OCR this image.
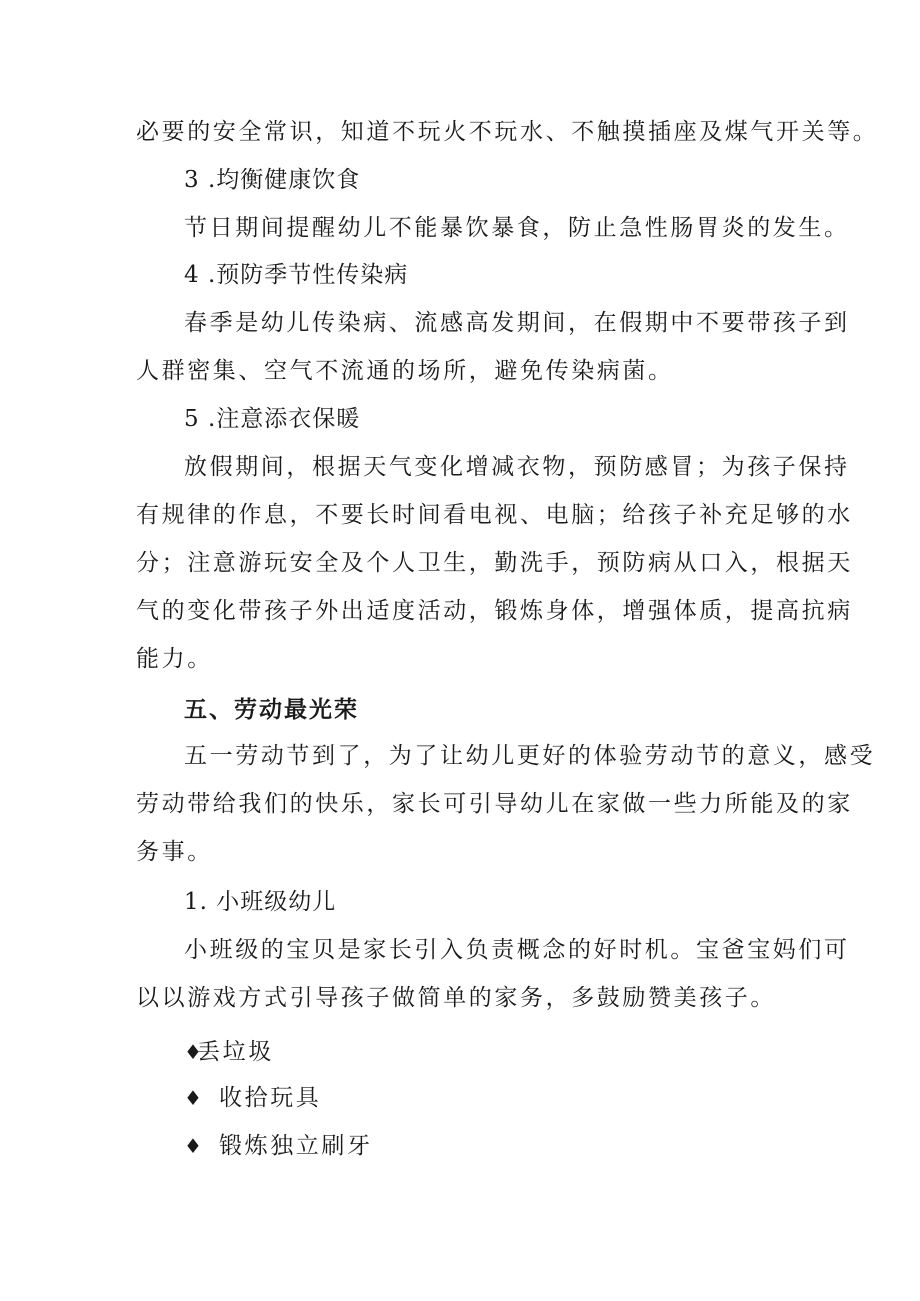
必要的安全常识，知道不玩火不玩水、不触摸插座及煤气开关等。
3 .均衡健康饮食
节日期间提醒幼儿不能暴饮暴食，防止急性肠胃炎的发生。
4 .预防季节性传染病
春季是幼儿传染病、流感高发期间，在假期中不要带孩子到
人群密集、空气不流通的场所，避免传染病菌。
5 .注意添衣保暖
放假期间，根据天气变化增减衣物，预防感冒；为孩子保持
有规律的作息，不要长时间看电视、电脑；给孩子补充足够的水
分；注意游玩安全及个人卫生，勤洗手，预防病从口入，根据天
气的变化带孩子外出适度活动，锻炼身体，增强体质，提高抗病
能力。
五、劳动最光荣
五一劳动节到了，为了让幼儿更好的体验劳动节的意义，感受
劳动带给我们的快乐，家长可引导幼儿在家做一些力所能及的家
务事。
1. 小班级幼儿
小班级的宝贝是家长引入负责概念的好时机。宝爸宝妈们可
以以游戏方式引导孩子做简单的家务，多鼓励赞美孩子。
♦
丢垃圾
♦ 收拾玩具
♦ 锻炼独立刷牙
